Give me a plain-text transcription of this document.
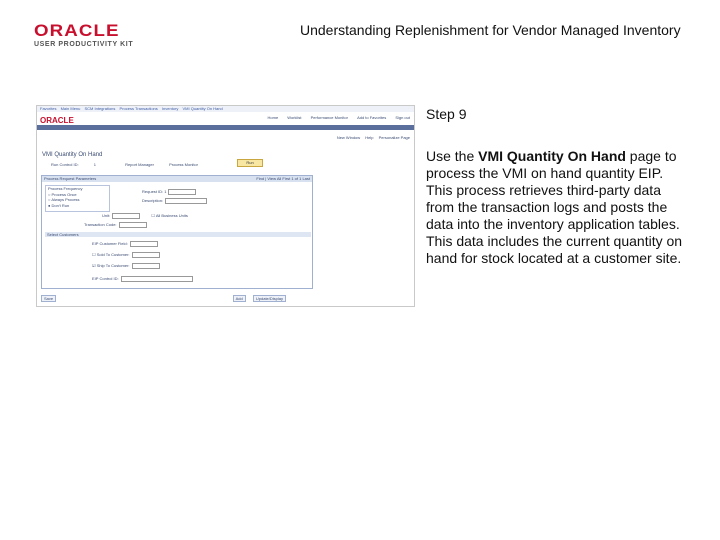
ORACLE
USER PRODUCTIVITY KIT
Understanding Replenishment for Vendor Managed Inventory
Favorites Main Menu SCM Integrations Process Transactions Inventory VMI Quantity On Hand
ORACLE	Home Worklist Performance Monitor Add to Favorites Sign out
New Window Help Personalize Page
VMI Quantity On Hand
Run Control ID:	1	Report Manager	Process Monitor	Run
Process Request Parameters	Find | View All First 1 of 1 Last
Process Frequency
○ Process Once
○ Always Process
● Don't Run
Request ID: 1
Description:
Unit:	☐ All Business Units
Transaction Code:
Select Customers
EIP Customer Field:
☐ Sold To Customer:
☑ Ship To Customer:
EIP Control ID:
Save	Add	Update/Display
Step 9
Use the VMI Quantity On Hand page to process the VMI on hand quantity EIP. This process retrieves third-party data from the transaction logs and posts the data into the inventory application tables. This data includes the current quantity on hand for stock located at a customer site.
